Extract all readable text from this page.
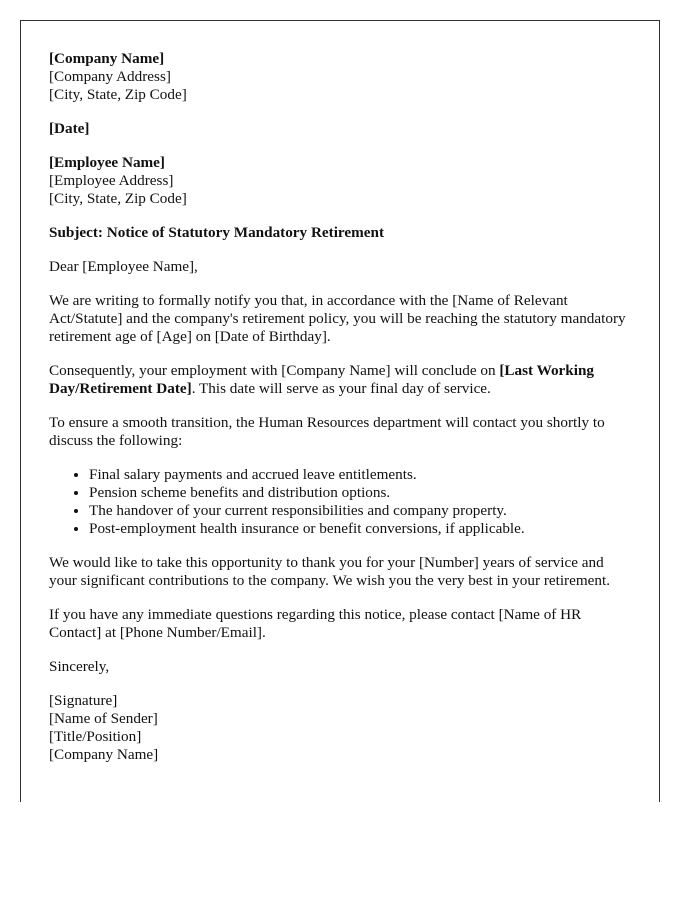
[Company Name]
[Company Address]
[City, State, Zip Code]
[Date]
[Employee Name]
[Employee Address]
[City, State, Zip Code]

Subject: Notice of Statutory Mandatory Retirement

Dear [Employee Name],

We are writing to formally notify you that, in accordance with the [Name of Relevant Act/Statute] and the company's retirement policy, you will be reaching the statutory mandatory retirement age of [Age] on [Date of Birthday].

Consequently, your employment with [Company Name] will conclude on [Last Working Day/Retirement Date]. This date will serve as your final day of service.

To ensure a smooth transition, the Human Resources department will contact you shortly to discuss the following:

• Final salary payments and accrued leave entitlements.
• Pension scheme benefits and distribution options.
• The handover of your current responsibilities and company property.
• Post-employment health insurance or benefit conversions, if applicable.

We would like to take this opportunity to thank you for your [Number] years of service and your significant contributions to the company. We wish you the very best in your retirement.

If you have any immediate questions regarding this notice, please contact [Name of HR Contact] at [Phone Number/Email].

Sincerely,

[Signature]
[Name of Sender]
[Title/Position]
[Company Name]
